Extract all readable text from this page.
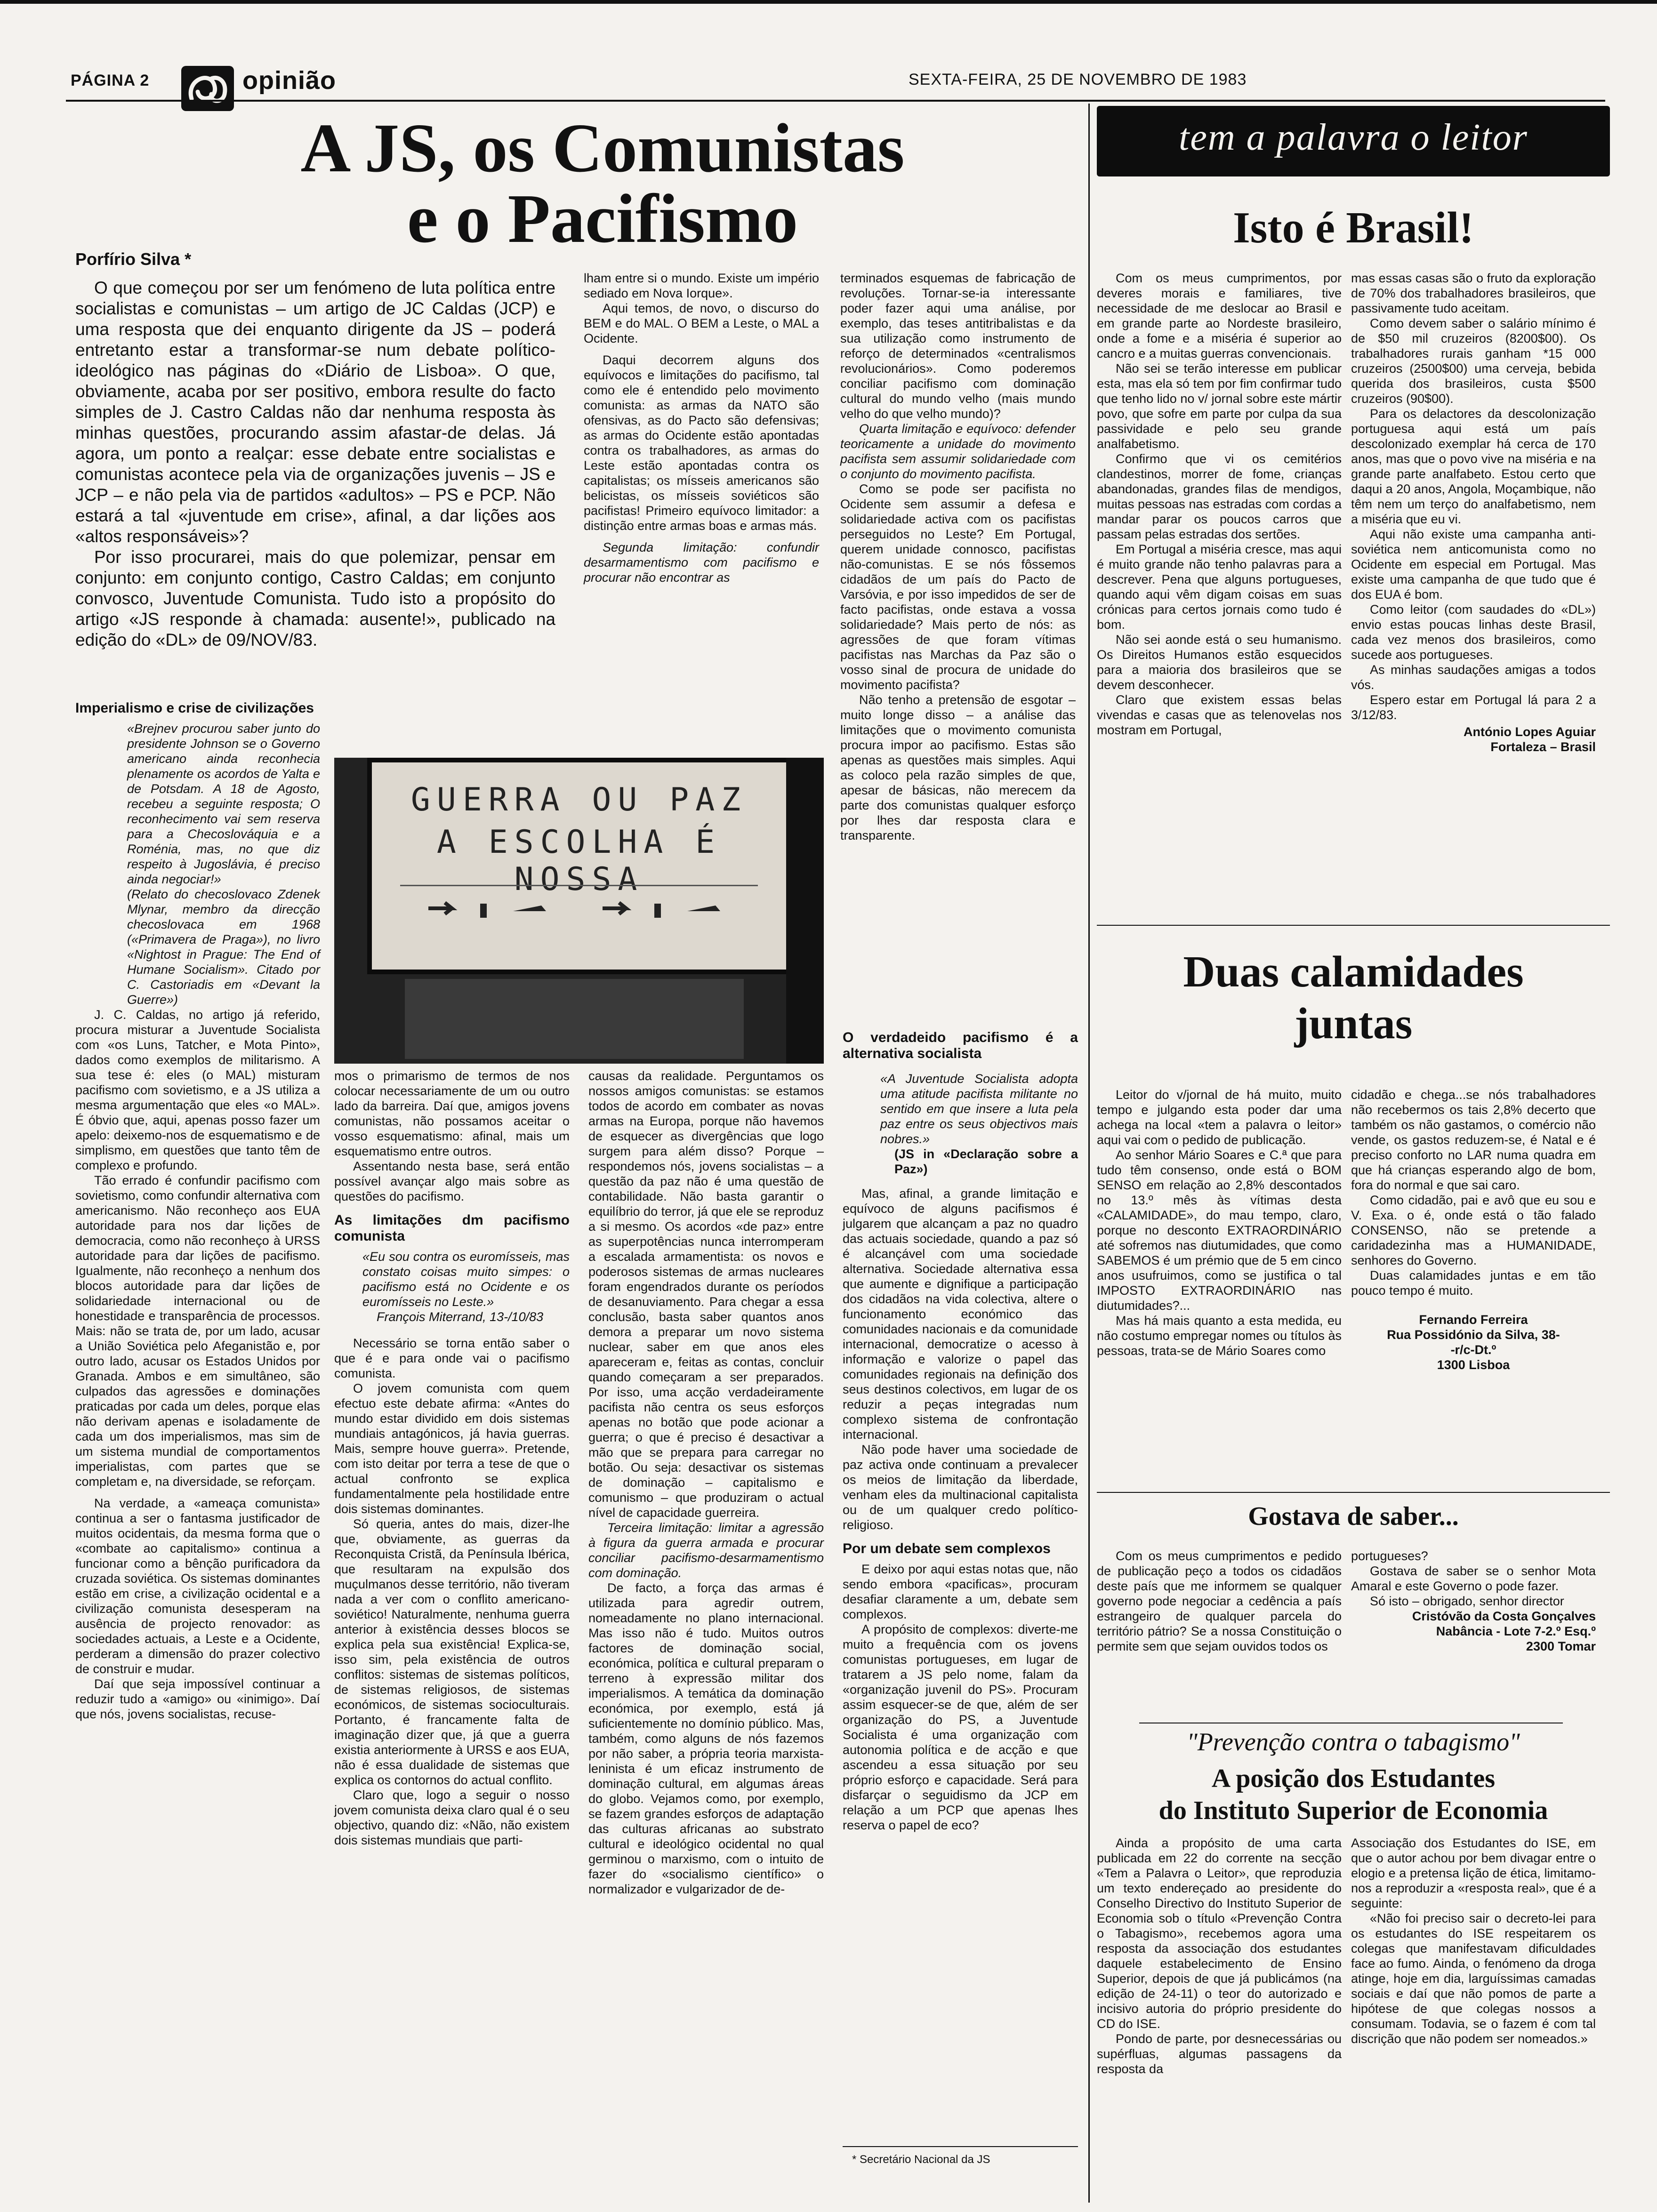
PÁGINA 2	opinião	SEXTA-FEIRA, 25 DE NOVEMBRO DE 1983
A JS, os Comunistas
e o Pacifismo
Porfírio Silva *

O que começou por ser um fenómeno de luta política entre socialistas e comunistas – um artigo de JC Caldas (JCP) e uma resposta que dei enquanto dirigente da JS – poderá entretanto estar a transformar-se num debate político-ideológico nas páginas do «Diário de Lisboa». O que, obviamente, acaba por ser positivo, embora resulte do facto simples de J. Castro Caldas não dar nenhuma resposta às minhas questões, procurando assim afastar-de delas. Já agora, um ponto a realçar: esse debate entre socialistas e comunistas acontece pela via de organizações juvenis – JS e JCP – e não pela via de partidos «adultos» – PS e PCP. Não estará a tal «juventude em crise», afinal, a dar lições aos «altos responsáveis»?

Por isso procurarei, mais do que polemizar, pensar em conjunto: em conjunto contigo, Castro Caldas; em conjunto convosco, Juventude Comunista. Tudo isto a propósito do artigo «JS responde à chamada: ausente!», publicado na edição do «DL» de 09/NOV/83.

lham entre si o mundo. Existe um império sediado em Nova Iorque».

Aqui temos, de novo, o discurso do BEM e do MAL. O BEM a Leste, o MAL a Ocidente.

Daqui decorrem alguns dos equívocos e limitações do pacifismo, tal como ele é entendido pelo movimento comunista: as armas da NATO são ofensivas, as do Pacto são defensivas; as armas do Ocidente estão apontadas contra os trabalhadores, as armas do Leste estão apontadas contra os capitalistas; os mísseis americanos são belicistas, os mísseis soviéticos são pacifistas! Primeiro equívoco limitador: a distinção entre armas boas e armas más.

Segunda limitação: confundir desarmamentismo com pacifismo e procurar não encontrar as

terminados esquemas de fabricação de revoluções. Tornar-se-ia interessante poder fazer aqui uma análise, por exemplo, das teses antitribalistas e da sua utilização como instrumento de reforço de determinados «centralismos revolucionários». Como poderemos conciliar pacifismo com dominação cultural do mundo velho (mais mundo velho do que velho mundo)?

Quarta limitação e equívoco: defender teoricamente a unidade do movimento pacifista sem assumir solidariedade com o conjunto do movimento pacifista.

Como se pode ser pacifista no Ocidente sem assumir a defesa e solidariedade activa com os pacifistas perseguidos no Leste? Em Portugal, querem unidade connosco, pacifistas não-comunistas. E se nós fôssemos cidadãos de um país do Pacto de Varsóvia, e por isso impedidos de ser de facto pacifistas, onde estava a vossa solidariedade? Mais perto de nós: as agressões de que foram vítimas pacifistas nas Marchas da Paz são o vosso sinal de procura de unidade do movimento pacifista?

Não tenho a pretensão de esgotar – muito longe disso – a análise das limitações que o movimento comunista procura impor ao pacifismo. Estas são apenas as questões mais simples. Aqui as coloco pela razão simples de que, apesar de básicas, não merecem da parte dos comunistas qualquer esforço por lhes dar resposta clara e transparente.

Imperialismo e crise de civilizações

«Brejnev procurou saber junto do presidente Johnson se o Governo americano ainda reconhecia plenamente os acordos de Yalta e de Potsdam. A 18 de Agosto, recebeu a seguinte resposta; O reconhecimento vai sem reserva para a Checoslováquia e a Roménia, mas, no que diz respeito à Jugoslávia, é preciso ainda negociar!»

(Relato do checoslovaco Zdenek Mlynar, membro da direcção checoslovaca em 1968 («Primavera de Praga»), no livro «Nightost in Prague: The End of Humane Socialism». Citado por C. Castoriadis em «Devant la Guerre»)

J. C. Caldas, no artigo já referido, procura misturar a Juventude Socialista com «os Luns, Tatcher, e Mota Pinto», dados como exemplos de militarismo. A sua tese é: eles (o MAL) misturam pacifismo com sovietismo, e a JS utiliza a mesma argumentação que eles «o MAL». É óbvio que, aqui, apenas posso fazer um apelo: deixemo-nos de esquematismo e de simplismo, em questões que tanto têm de complexo e profundo.

Tão errado é confundir pacifismo com sovietismo, como confundir alternativa com americanismo. Não reconheço aos EUA autoridade para nos dar lições de democracia, como não reconheço à URSS autoridade para dar lições de pacifismo. Igualmente, não reconheço a nenhum dos blocos autoridade para dar lições de solidariedade internacional ou de honestidade e transparência de processos. Mais: não se trata de, por um lado, acusar a União Soviética pelo Afeganistão e, por outro lado, acusar os Estados Unidos por Granada. Ambos e em simultâneo, são culpados das agressões e dominações praticadas por cada um deles, porque elas não derivam apenas e isoladamente de cada um dos imperialismos, mas sim de um sistema mundial de comportamentos imperialistas, com partes que se completam e, na diversidade, se reforçam.

Na verdade, a «ameaça comunista» continua a ser o fantasma justificador de muitos ocidentais, da mesma forma que o «combate ao capitalismo» continua a funcionar como a bênção purificadora da cruzada soviética. Os sistemas dominantes estão em crise, a civilização ocidental e a civilização comunista desesperam na ausência de projecto renovador: as sociedades actuais, a Leste e a Ocidente, perderam a dimensão do prazer colectivo de construir e mudar.

Daí que seja impossível continuar a reduzir tudo a «amigo» ou «inimigo». Daí que nós, jovens socialistas, recuse-

GUERRA OU PAZ
A ESCOLHA É NOSSA

mos o primarismo de termos de nos colocar necessariamente de um ou outro lado da barreira. Daí que, amigos jovens comunistas, não possamos aceitar o vosso esquematismo: afinal, mais um esquematismo entre outros.

Assentando nesta base, será então possível avançar algo mais sobre as questões do pacifismo.

As limitações dm pacifismo comunista

«Eu sou contra os euromísseis, mas constato coisas muito simpes: o pacifismo está no Ocidente e os euromísseis no Leste.»

François Miterrand, 13-/10/83

Necessário se torna então saber o que é e para onde vai o pacifismo comunista.

O jovem comunista com quem efectuo este debate afirma: «Antes do mundo estar dividido em dois sistemas mundiais antagónicos, já havia guerras. Mais, sempre houve guerra». Pretende, com isto deitar por terra a tese de que o actual confronto se explica fundamentalmente pela hostilidade entre dois sistemas dominantes.

Só queria, antes do mais, dizer-lhe que, obviamente, as guerras da Reconquista Cristã, da Península Ibérica, que resultaram na expulsão dos muçulmanos desse território, não tiveram nada a ver com o conflito americano-soviético! Naturalmente, nenhuma guerra anterior à existência desses blocos se explica pela sua existência! Explica-se, isso sim, pela existência de outros conflitos: sistemas de sistemas políticos, de sistemas religiosos, de sistemas económicos, de sistemas socioculturais. Portanto, é francamente falta de imaginação dizer que, já que a guerra existia anteriormente à URSS e aos EUA, não é essa dualidade de sistemas que explica os contornos do actual conflito.

Claro que, logo a seguir o nosso jovem comunista deixa claro qual é o seu objectivo, quando diz: «Não, não existem dois sistemas mundiais que parti-

causas da realidade. Perguntamos os nossos amigos comunistas: se estamos todos de acordo em combater as novas armas na Europa, porque não havemos de esquecer as divergências que logo surgem para além disso? Porque – respondemos nós, jovens socialistas – a questão da paz não é uma questão de contabilidade. Não basta garantir o equilíbrio do terror, já que ele se reproduz a si mesmo. Os acordos «de paz» entre as superpotências nunca interromperam a escalada armamentista: os novos e poderosos sistemas de armas nucleares foram engendrados durante os períodos de desanuviamento. Para chegar a essa conclusão, basta saber quantos anos demora a preparar um novo sistema nuclear, saber em que anos eles apareceram e, feitas as contas, concluir quando começaram a ser preparados. Por isso, uma acção verdadeiramente pacifista não centra os seus esforços apenas no botão que pode acionar a guerra; o que é preciso é desactivar a mão que se prepara para carregar no botão. Ou seja: desactivar os sistemas de dominação – capitalismo e comunismo – que produziram o actual nível de capacidade guerreira.

Terceira limitação: limitar a agressão à figura da guerra armada e procurar conciliar pacifismo-desarmamentismo com dominação.

De facto, a força das armas é utilizada para agredir outrem, nomeadamente no plano internacional. Mas isso não é tudo. Muitos outros factores de dominação social, económica, política e cultural preparam o terreno à expressão militar dos imperialismos. A temática da dominação económica, por exemplo, está já suficientemente no domínio público. Mas, também, como alguns de nós fazemos por não saber, a própria teoria marxista-leninista é um eficaz instrumento de dominação cultural, em algumas áreas do globo. Vejamos como, por exemplo, se fazem grandes esforços de adaptação das culturas africanas ao substrato cultural e ideológico ocidental no qual germinou o marxismo, com o intuito de fazer do «socialismo científico» o normalizador e vulgarizador de de-

O verdadeido pacifismo é a alternativa socialista

«A Juventude Socialista adopta uma atitude pacifista militante no sentido em que insere a luta pela paz entre os seus objectivos mais nobres.»

(JS in «Declaração sobre a Paz»)

Mas, afinal, a grande limitação e equívoco de alguns pacifismos é julgarem que alcançam a paz no quadro das actuais sociedade, quando a paz só é alcançável com uma sociedade alternativa. Sociedade alternativa essa que aumente e dignifique a participação dos cidadãos na vida colectiva, altere o funcionamento económico das comunidades nacionais e da comunidade internacional, democratize o acesso à informação e valorize o papel das comunidades regionais na definição dos seus destinos colectivos, em lugar de os reduzir a peças integradas num complexo sistema de confrontação internacional.

Não pode haver uma sociedade de paz activa onde continuam a prevalecer os meios de limitação da liberdade, venham eles da multinacional capitalista ou de um qualquer credo político-religioso.

Por um debate sem complexos

E deixo por aqui estas notas que, não sendo embora «pacificas», procuram desafiar claramente a um, debate sem complexos.

A propósito de complexos: diverte-me muito a frequência com os jovens comunistas portugueses, em lugar de tratarem a JS pelo nome, falam da «organização juvenil do PS». Procuram assim esquecer-se de que, além de ser organização do PS, a Juventude Socialista é uma organização com autonomia política e de acção e que ascendeu a essa situação por seu próprio esforço e capacidade. Será para disfarçar o seguidismo da JCP em relação a um PCP que apenas lhes reserva o papel de eco?

* Secretário Nacional da JS
tem a palavra o leitor
Isto é Brasil!

Com os meus cumprimentos, por deveres morais e familiares, tive necessidade de me deslocar ao Brasil e em grande parte ao Nordeste brasileiro, onde a fome e a miséria é superior ao cancro e a muitas guerras convencionais.

Não sei se terão interesse em publicar esta, mas ela só tem por fim confirmar tudo que tenho lido no v/ jornal sobre este mártir povo, que sofre em parte por culpa da sua passividade e pelo seu grande analfabetismo.

Confirmo que vi os cemitérios clandestinos, morrer de fome, crianças abandonadas, grandes filas de mendigos, muitas pessoas nas estradas com cordas a mandar parar os poucos carros que passam pelas estradas dos sertões.

Em Portugal a miséria cresce, mas aqui é muito grande não tenho palavras para a descrever. Pena que alguns portugueses, quando aqui vêm digam coisas em suas crónicas para certos jornais como tudo é bom.

Não sei aonde está o seu humanismo. Os Direitos Humanos estão esquecidos para a maioria dos brasileiros que se devem desconhecer.

Claro que existem essas belas vivendas e casas que as telenovelas nos mostram em Portugal,

mas essas casas são o fruto da exploração de 70% dos trabalhadores brasileiros, que passivamente tudo aceitam.

Como devem saber o salário mínimo é de $50 mil cruzeiros (8200$00). Os trabalhadores rurais ganham *15 000 cruzeiros (2500$00) uma cerveja, bebida querida dos brasileiros, custa $500 cruzeiros (90$00).

Para os delactores da descolonização portuguesa aqui está um país descolonizado exemplar há cerca de 170 anos, mas que o povo vive na miséria e na grande parte analfabeto. Estou certo que daqui a 20 anos, Angola, Moçambique, não têm nem um terço do analfabetismo, nem a miséria que eu vi.

Aqui não existe uma campanha anti-soviética nem anticomunista como no Ocidente em especial em Portugal. Mas existe uma campanha de que tudo que é dos EUA é bom.

Como leitor (com saudades do «DL») envio estas poucas linhas deste Brasil, cada vez menos dos brasileiros, como sucede aos portugueses.

As minhas saudações amigas a todos vós.

Espero estar em Portugal lá para 2 a 3/12/83.

António Lopes Aguiar
Fortaleza – Brasil
Duas calamidades
juntas

Leitor do v/jornal de há muito, muito tempo e julgando esta poder dar uma achega na local «tem a palavra o leitor» aqui vai com o pedido de publicação.

Ao senhor Mário Soares e C.ª que para tudo têm consenso, onde está o BOM SENSO em relação ao 2,8% descontados no 13.º mês às vítimas desta «CALAMIDADE», do mau tempo, claro, porque no desconto EXTRAORDINÁRIO até sofremos nas diutumidades, que como SABEMOS é um prémio que de 5 em cinco anos usufruimos, como se justifica o tal IMPOSTO EXTRAORDINÁRIO nas diutumidades?...

Mas há mais quanto a esta medida, eu não costumo empregar nomes ou títulos às pessoas, trata-se de Mário Soares como

cidadão e chega...se nós trabalhadores não recebermos os tais 2,8% decerto que também os não gastamos, o comércio não vende, os gastos reduzem-se, é Natal e é preciso conforto no LAR numa quadra em que há crianças esperando algo de bom, fora do normal e que sai caro.

Como cidadão, pai e avô que eu sou e V. Exa. o é, onde está o tão falado CONSENSO, não se pretende a caridadezinha mas a HUMANIDADE, senhores do Governo.

Duas calamidades juntas e em tão pouco tempo é muito.

Fernando Ferreira
Rua Possidónio da Silva, 38-
-r/c-Dt.º
1300 Lisboa
Gostava de saber...

Com os meus cumprimentos e pedido de publicação peço a todos os cidadãos deste país que me informem se qualquer governo pode negociar a cedência a país estrangeiro de qualquer parcela do território pátrio? Se a nossa Constituição o permite sem que sejam ouvidos todos os

portugueses?

Gostava de saber se o senhor Mota Amaral e este Governo o pode fazer.

Só isto – obrigado, senhor director

Cristóvão da Costa Gonçalves
Nabância - Lote 7-2.º Esq.º
2300 Tomar
"Prevenção contra o tabagismo"
A posição dos Estudantes
do Instituto Superior de Economia

Ainda a propósito de uma carta publicada em 22 do corrente na secção «Tem a Palavra o Leitor», que reproduzia um texto endereçado ao presidente do Conselho Directivo do Instituto Superior de Economia sob o título «Prevenção Contra o Tabagismo», recebemos agora uma resposta da associação dos estudantes daquele estabelecimento de Ensino Superior, depois de que já publicámos (na edição de 24-11) o teor do autorizado e incisivo autoria do próprio presidente do CD do ISE.

Pondo de parte, por desnecessárias ou supérfluas, algumas passagens da resposta da

Associação dos Estudantes do ISE, em que o autor achou por bem divagar entre o elogio e a pretensa lição de ética, limitamo-nos a reproduzir a «resposta real», que é a seguinte:

«Não foi preciso sair o decreto-lei para os estudantes do ISE respeitarem os colegas que manifestavam dificuldades face ao fumo. Ainda, o fenómeno da droga atinge, hoje em dia, larguíssimas camadas sociais e daí que não pomos de parte a hipótese de que colegas nossos a consumam. Todavia, se o fazem é com tal discrição que não podem ser nomeados.»
